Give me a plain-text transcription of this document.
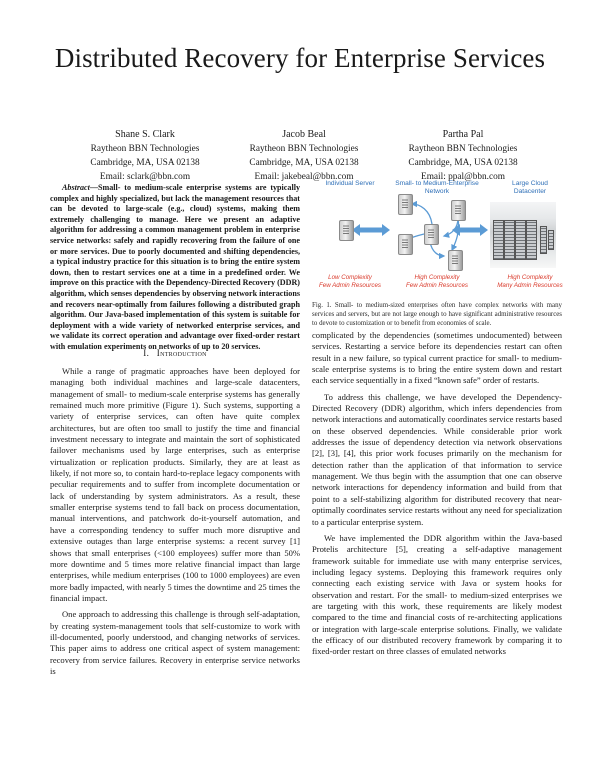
Distributed Recovery for Enterprise Services
Shane S. Clark
Raytheon BBN Technologies
Cambridge, MA, USA 02138
Email: sclark@bbn.com
Jacob Beal
Raytheon BBN Technologies
Cambridge, MA, USA 02138
Email: jakebeal@bbn.com
Partha Pal
Raytheon BBN Technologies
Cambridge, MA, USA 02138
Email: ppal@bbn.com

Abstract—Small- to medium-scale enterprise systems are typically complex and highly specialized, but lack the management resources that can be devoted to large-scale (e.g., cloud) systems, making them extremely challenging to manage. Here we present an adaptive algorithm for addressing a common management problem in enterprise service networks: safely and rapidly recovering from the failure of one or more services. Due to poorly documented and shifting dependencies, a typical industry practice for this situation is to bring the entire system down, then to restart services one at a time in a predefined order. We improve on this practice with the Dependency-Directed Recovery (DDR) algorithm, which senses dependencies by observing network interactions and recovers near-optimally from failures following a distributed graph algorithm. Our Java-based implementation of this system is suitable for deployment with a wide variety of networked enterprise services, and we validate its correct operation and advantage over fixed-order restart with emulation experiments on networks of up to 20 services.

I. Introduction

While a range of pragmatic approaches have been deployed for managing both individual machines and large-scale datacenters, management of small- to medium-scale enterprise systems has generally remained much more primitive (Figure 1). Such systems, supporting a variety of enterprise services, can often have quite complex architectures, but are often too small to justify the time and financial investment necessary to integrate and maintain the sort of sophisticated failover mechanisms used by large enterprises, such as enterprise virtualization or replication products. Similarly, they are at least as likely, if not more so, to contain hard-to-replace legacy components with peculiar requirements and to suffer from incomplete documentation or lack of understanding by system administrators. As a result, these smaller enterprise systems tend to fall back on process documentation, manual interventions, and patchwork do-it-yourself automation, and have a corresponding tendency to suffer much more disruptive and extensive outages than large enterprise systems: a recent survey [1] shows that small enterprises (<100 employees) suffer more than 50% more downtime and 5 times more relative financial impact than large enterprises, while medium enterprises (100 to 1000 employees) are even more badly impacted, with nearly 5 times the downtime and 25 times the financial impact.

One approach to addressing this challenge is through self-adaptation, by creating system-management tools that self-customize to work with ill-documented, poorly understood, and changing networks of services. This paper aims to address one critical aspect of system management: recovery from service failures. Recovery in enterprise service networks is

Individual Server	Small- to Medium-Enterprise Network
Large Cloud Datacenter
Low Complexity
Few Admin Resources
High Complexity
Few Admin Resources
High Complexity
Many Admin Resources
Fig. 1. Small- to medium-sized enterprises often have complex networks with many services and servers, but are not large enough to have significant administrative resources to devote to customization or to benefit from economies of scale.

complicated by the dependencies (sometimes undocumented) between services. Restarting a service before its dependencies restart can often result in a new failure, so typical current practice for small- to medium-scale enterprise systems is to bring the entire system down and restart each service sequentially in a fixed “known safe” order of restarts.

To address this challenge, we have developed the Dependency-Directed Recovery (DDR) algorithm, which infers dependencies from network interactions and automatically coordinates service restarts based on these observed dependencies. While considerable prior work addresses the issue of dependency detection via network observations [2], [3], [4], this prior work focuses primarily on the mechanism for detection rather than the application of that information to service management. We thus begin with the assumption that one can observe network interactions for dependency information and build from that point to a self-stabilizing algorithm for distributed recovery that near-optimally coordinates service restarts without any need for specialization to a particular enterprise system.

We have implemented the DDR algorithm within the Java-based Protelis architecture [5], creating a self-adaptive management framework suitable for immediate use with many enterprise services, including legacy systems. Deploying this framework requires only connecting each existing service with Java or system hooks for observation and restart. For the small- to medium-sized enterprises we are targeting with this work, these requirements are likely modest compared to the time and financial costs of re-architecting applications or integration with large-scale enterprise solutions. Finally, we validate the efficacy of our distributed recovery framework by comparing it to fixed-order restart on three classes of emulated networks
